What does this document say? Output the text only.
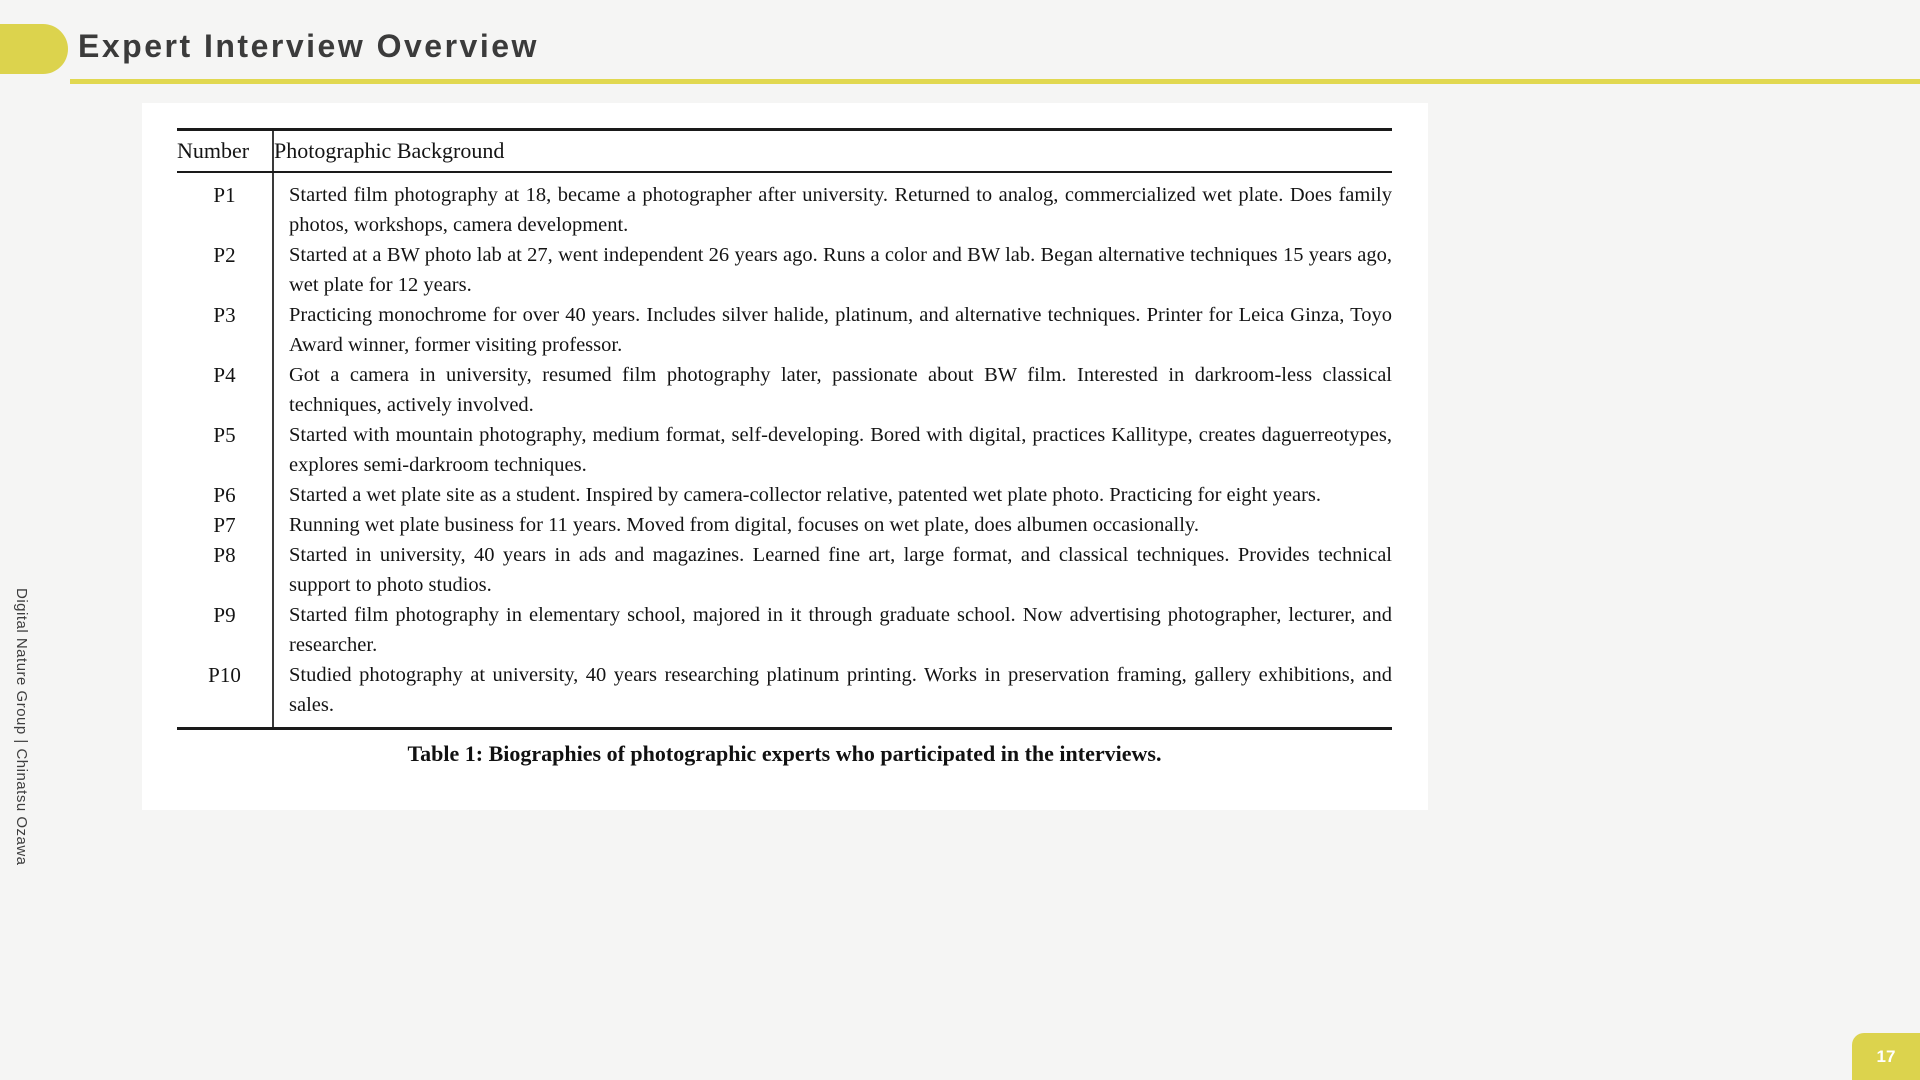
Expert Interview Overview
Digital Nature Group | Chinatsu Ozawa
Number	Photographic Background
P1	Started film photography at 18, became a photographer after university. Returned to analog, commercialized wet plate. Does family photos, workshops, camera development.
P2	Started at a BW photo lab at 27, went independent 26 years ago. Runs a color and BW lab. Began alternative techniques 15 years ago, wet plate for 12 years.
P3	Practicing monochrome for over 40 years. Includes silver halide, platinum, and alternative techniques. Printer for Leica Ginza, Toyo Award winner, former visiting professor.
P4	Got a camera in university, resumed film photography later, passionate about BW film. Interested in darkroom-less classical techniques, actively involved.
P5	Started with mountain photography, medium format, self-developing. Bored with digital, practices Kallitype, creates daguerreotypes, explores semi-darkroom techniques.
P6	Started a wet plate site as a student. Inspired by camera-collector relative, patented wet plate photo. Practicing for eight years.
P7	Running wet plate business for 11 years. Moved from digital, focuses on wet plate, does albumen occasionally.
P8	Started in university, 40 years in ads and magazines. Learned fine art, large format, and classical techniques. Provides technical support to photo studios.
P9	Started film photography in elementary school, majored in it through graduate school. Now advertising photographer, lecturer, and researcher.
P10	Studied photography at university, 40 years researching platinum printing. Works in preservation framing, gallery exhibitions, and sales.
Table 1: Biographies of photographic experts who participated in the interviews.
17
